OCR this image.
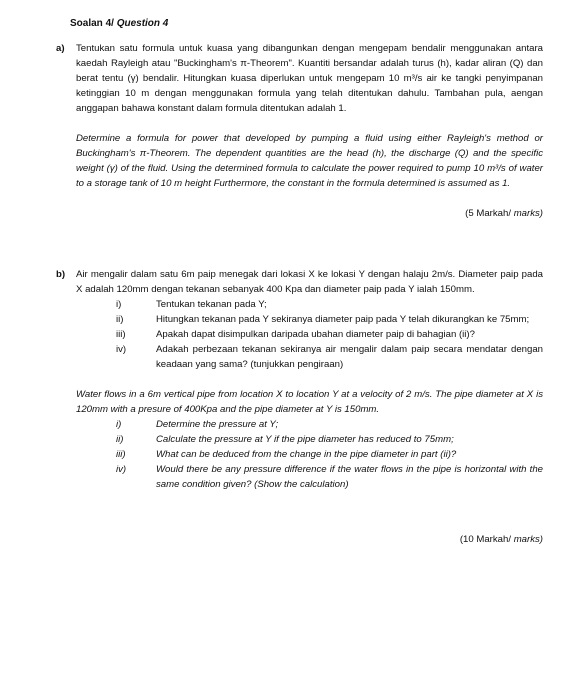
Soalan 4/ Question 4
a)	Tentukan satu formula untuk kuasa yang dibangunkan dengan mengepam bendalir menggunakan antara kaedah Rayleigh atau "Buckingham's π-Theorem". Kuantiti bersandar adalah turus (h), kadar aliran (Q) dan berat tentu (γ) bendalir. Hitungkan kuasa diperlukan untuk mengepam 10 m³/s air ke tangki penyimpanan ketinggian 10 m dengan menggunakan formula yang telah ditentukan dahulu. Tambahan pula, aengan anggapan bahawa konstant dalam formula ditentukan adalah 1.
Determine a formula for power that developed by pumping a fluid using either Rayleigh's method or Buckingham's π-Theorem. The dependent quantities are the head (h), the discharge (Q) and the specific weight (γ) of the fluid. Using the determined formula to calculate the power required to pump 10 m³/s of water to a storage tank of 10 m height Furthermore, the constant in the formula determined is assumed as 1.
(5 Markah/ marks)
b)	Air mengalir dalam satu 6m paip menegak dari lokasi X ke lokasi Y dengan halaju 2m/s. Diameter paip pada X adalah 120mm dengan tekanan sebanyak 400 Kpa dan diameter paip pada Y ialah 150mm.
i)	Tentukan tekanan pada Y;
ii)	Hitungkan tekanan pada Y sekiranya diameter paip pada Y telah dikurangkan ke 75mm;
iii)	Apakah dapat disimpulkan daripada ubahan diameter paip di bahagian (ii)?
iv)	Adakah perbezaan tekanan sekiranya air mengalir dalam paip secara mendatar dengan keadaan yang sama? (tunjukkan pengiraan)
Water flows in a 6m vertical pipe from location X to location Y at a velocity of 2 m/s. The pipe diameter at X is 120mm with a presure of 400Kpa and the pipe diameter at Y is 150mm.
i)	Determine the pressure at Y;
ii)	Calculate the pressure at Y if the pipe diameter has reduced to 75mm;
iii)	What can be deduced from the change in the pipe diameter in part (ii)?
iv)	Would there be any pressure difference if the water flows in the pipe is horizontal with the same condition given? (Show the calculation)
(10 Markah/ marks)
